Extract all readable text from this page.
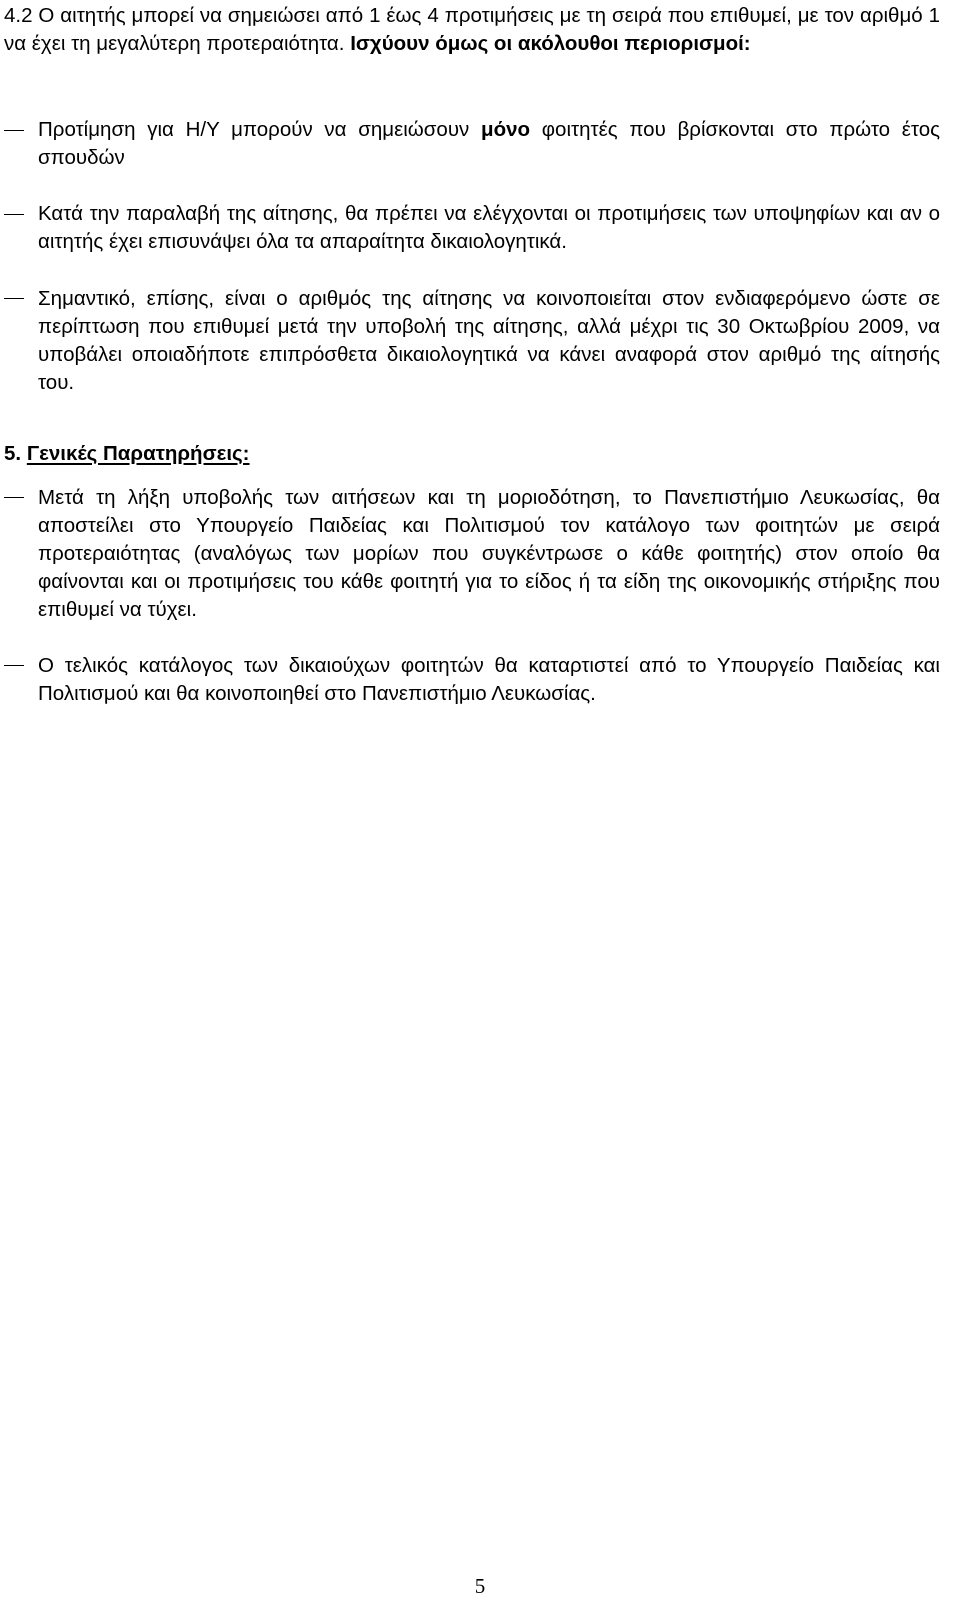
4.2 Ο αιτητής μπορεί να σημειώσει από 1 έως 4 προτιμήσεις με τη σειρά που επιθυμεί, με τον αριθμό 1 να έχει τη μεγαλύτερη προτεραιότητα. Ισχύουν όμως οι ακόλουθοι περιορισμοί:

Προτίμηση για Η/Υ μπορούν να σημειώσουν μόνο φοιτητές που βρίσκονται στο πρώτο έτος σπουδών

Κατά την παραλαβή της αίτησης, θα πρέπει να ελέγχονται οι προτιμήσεις των υποψηφίων και αν ο αιτητής έχει επισυνάψει όλα τα απαραίτητα δικαιολογητικά.

Σημαντικό, επίσης, είναι ο αριθμός της αίτησης να κοινοποιείται στον ενδιαφερόμενο ώστε σε περίπτωση που επιθυμεί μετά την υποβολή της αίτησης, αλλά μέχρι τις 30 Οκτωβρίου 2009, να υποβάλει οποιαδήποτε επιπρόσθετα δικαιολογητικά να κάνει αναφορά στον αριθμό της αίτησής του.

5. Γενικές Παρατηρήσεις:

Μετά τη λήξη υποβολής των αιτήσεων και τη μοριοδότηση, το Πανεπιστήμιο Λευκωσίας, θα αποστείλει στο Υπουργείο Παιδείας και Πολιτισμού τον κατάλογο των φοιτητών με σειρά προτεραιότητας (αναλόγως των μορίων που συγκέντρωσε ο κάθε φοιτητής) στον οποίο θα φαίνονται και οι προτιμήσεις του κάθε φοιτητή για το είδος ή τα είδη της οικονομικής στήριξης που επιθυμεί να τύχει.

Ο τελικός κατάλογος των δικαιούχων φοιτητών θα καταρτιστεί από το Υπουργείο Παιδείας και Πολιτισμού και θα κοινοποιηθεί στο Πανεπιστήμιο Λευκωσίας.

5
